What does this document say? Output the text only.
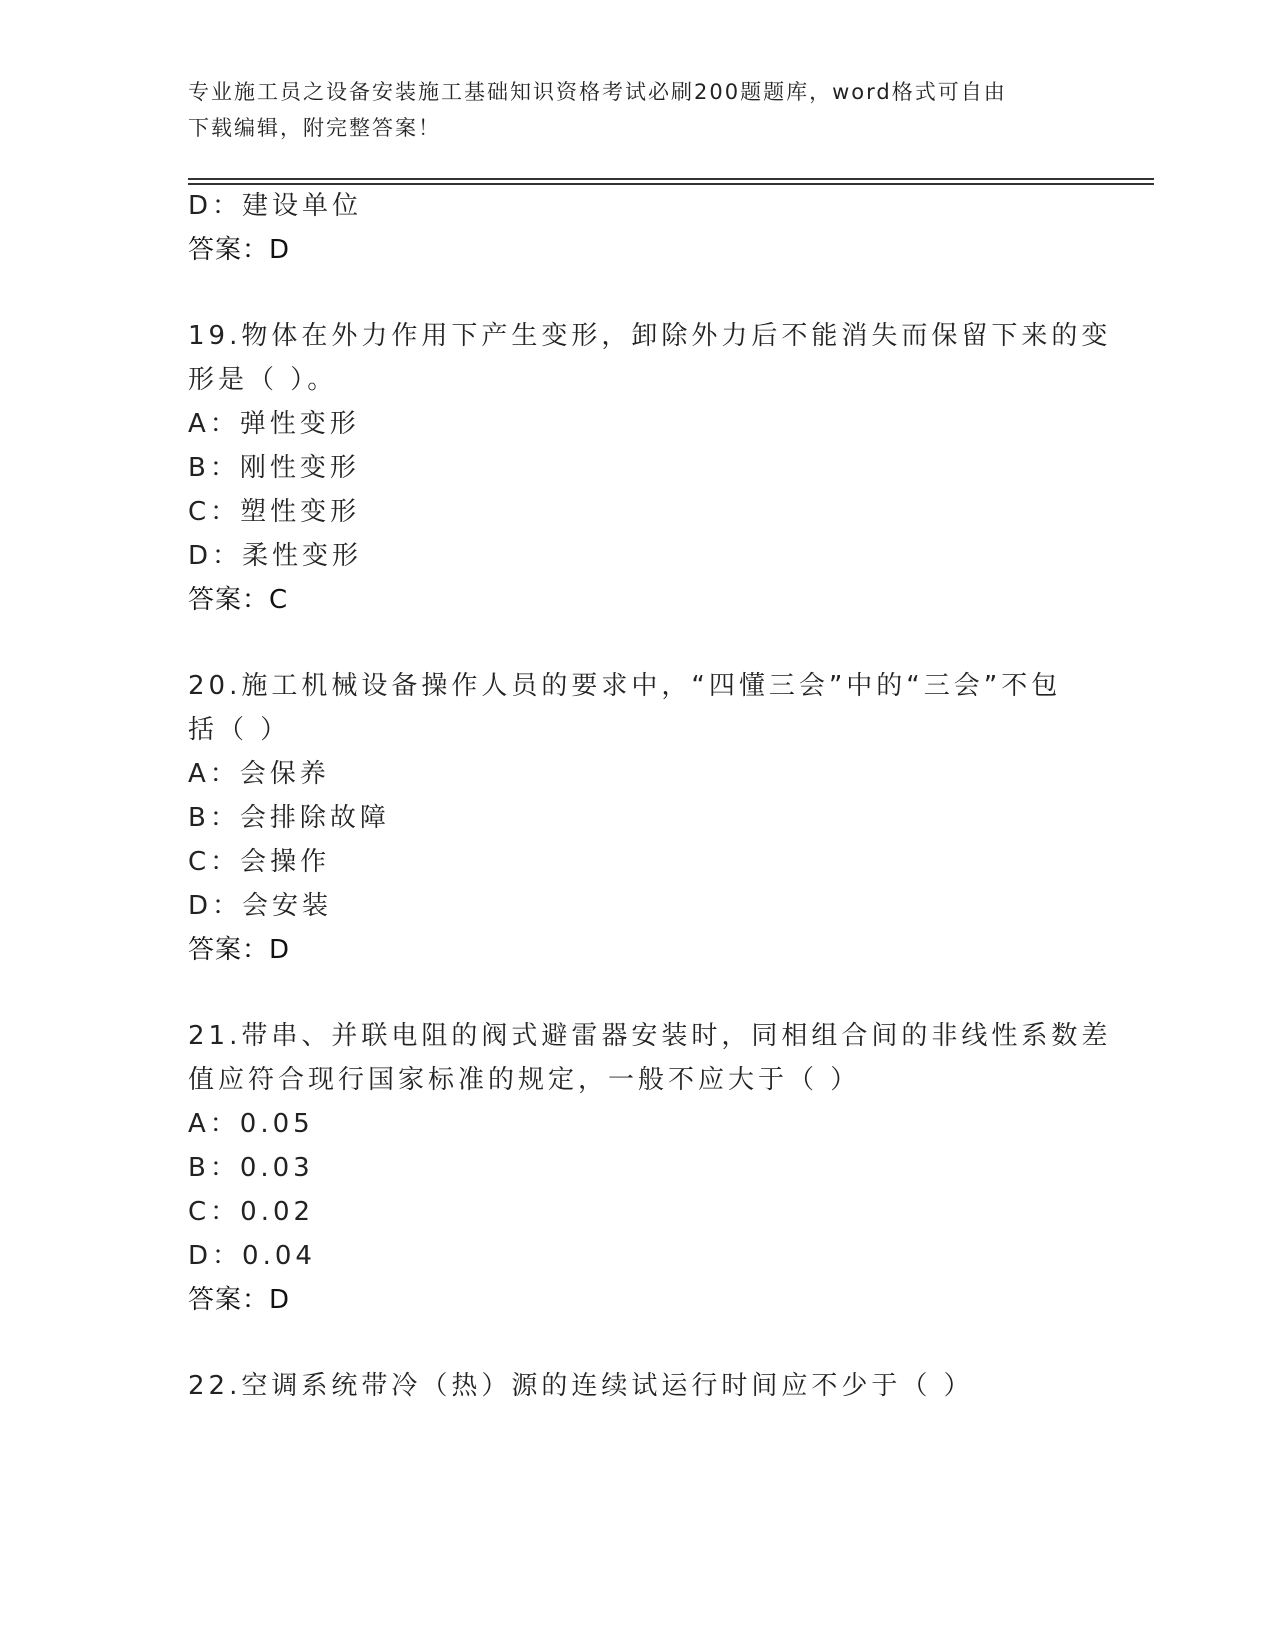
专业施工员之设备安装施工基础知识资格考试必刷200题题库，word格式可自由
下载编辑，附完整答案！
D：建设单位
答案：D
19.物体在外力作用下产生变形，卸除外力后不能消失而保留下来的变
形是（ ）。
A：弹性变形
B：刚性变形
C：塑性变形
D：柔性变形
答案：C
20.施工机械设备操作人员的要求中，“四懂三会”中的“三会”不包
括（ ）
A：会保养
B：会排除故障
C：会操作
D：会安装
答案：D
21.带串、并联电阻的阀式避雷器安装时，同相组合间的非线性系数差
值应符合现行国家标准的规定，一般不应大于（ ）
A：0.05
B：0.03
C：0.02
D：0.04
答案：D
22.空调系统带冷（热）源的连续试运行时间应不少于（ ）
